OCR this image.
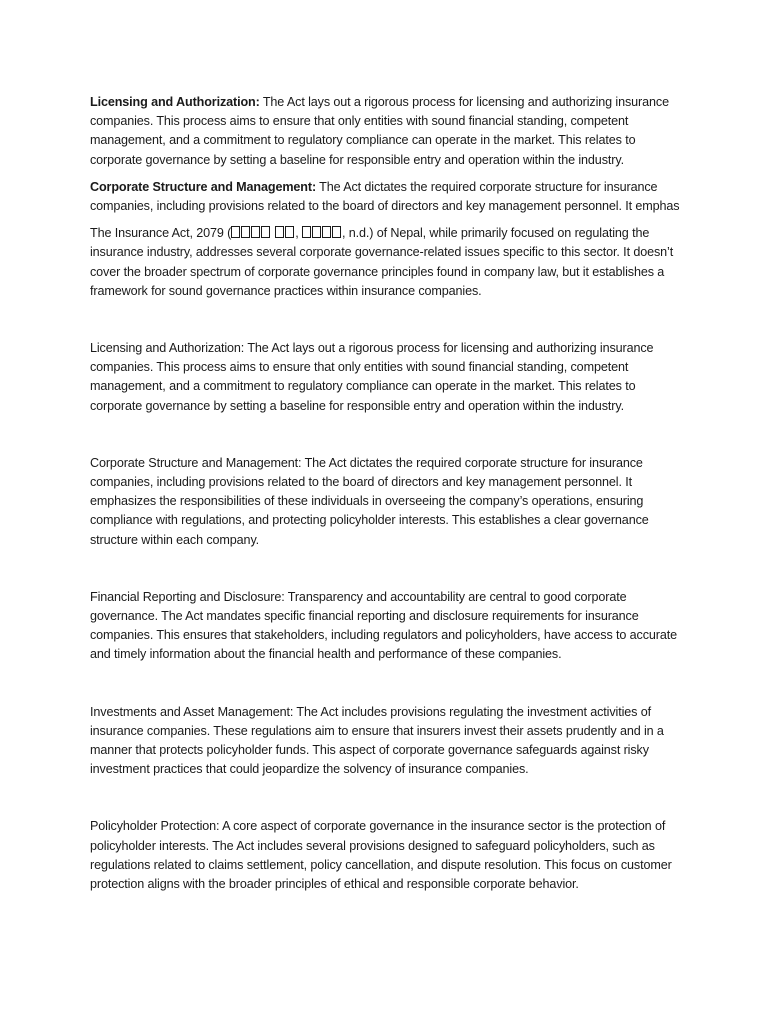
Licensing and Authorization: The Act lays out a rigorous process for licensing and authorizing insurance companies. This process aims to ensure that only entities with sound financial standing, competent management, and a commitment to regulatory compliance can operate in the market. This relates to corporate governance by setting a baseline for responsible entry and operation within the industry.

Corporate Structure and Management: The Act dictates the required corporate structure for insurance companies, including provisions related to the board of directors and key management personnel. It emphas

The Insurance Act, 2079 (	,	, n.d.) of Nepal, while primarily focused on regulating the insurance industry, addresses several corporate governance-related issues specific to this sector. It doesn’t cover the broader spectrum of corporate governance principles found in company law, but it establishes a framework for sound governance practices within insurance companies.

Licensing and Authorization: The Act lays out a rigorous process for licensing and authorizing insurance companies. This process aims to ensure that only entities with sound financial standing, competent management, and a commitment to regulatory compliance can operate in the market. This relates to corporate governance by setting a baseline for responsible entry and operation within the industry.

Corporate Structure and Management: The Act dictates the required corporate structure for insurance companies, including provisions related to the board of directors and key management personnel. It emphasizes the responsibilities of these individuals in overseeing the company’s operations, ensuring compliance with regulations, and protecting policyholder interests. This establishes a clear governance structure within each company.

Financial Reporting and Disclosure: Transparency and accountability are central to good corporate governance. The Act mandates specific financial reporting and disclosure requirements for insurance companies. This ensures that stakeholders, including regulators and policyholders, have access to accurate and timely information about the financial health and performance of these companies.

Investments and Asset Management: The Act includes provisions regulating the investment activities of insurance companies. These regulations aim to ensure that insurers invest their assets prudently and in a manner that protects policyholder funds. This aspect of corporate governance safeguards against risky investment practices that could jeopardize the solvency of insurance companies.

Policyholder Protection: A core aspect of corporate governance in the insurance sector is the protection of policyholder interests. The Act includes several provisions designed to safeguard policyholders, such as regulations related to claims settlement, policy cancellation, and dispute resolution. This focus on customer protection aligns with the broader principles of ethical and responsible corporate behavior.
